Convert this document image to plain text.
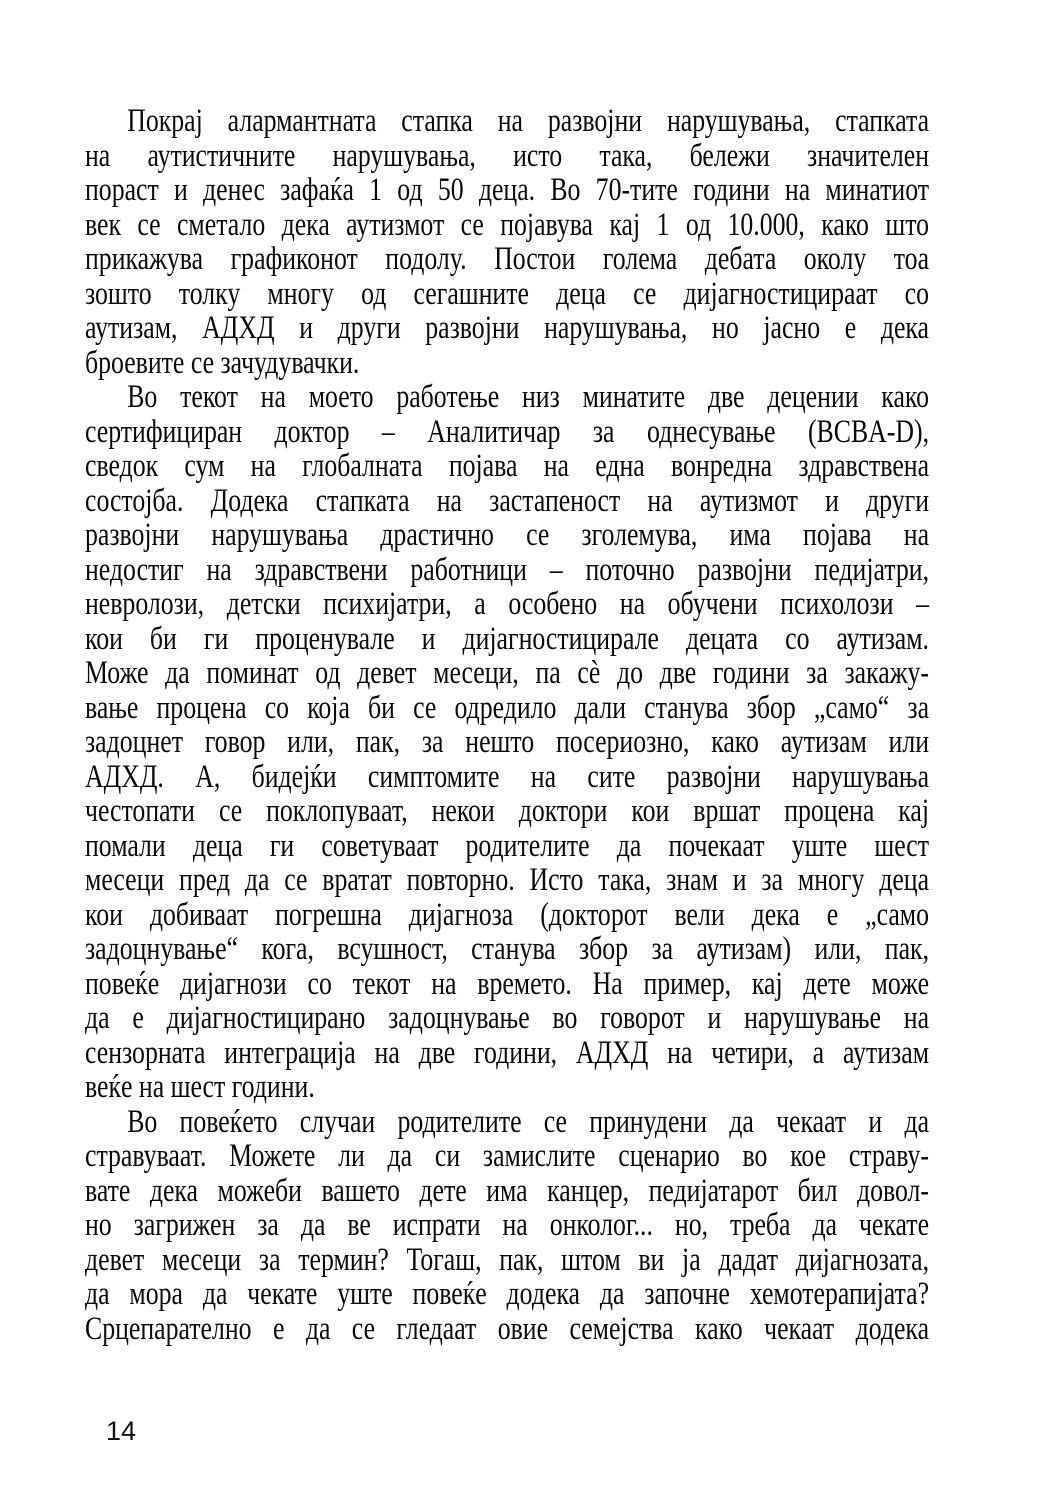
Покрај алармантната стапка на развојни нарушувања, стапката
на аутистичните нарушувања, исто така, бележи значителен
пораст и денес зафаќа 1 од 50 деца. Во 70-тите години на минатиот
век се сметало дека аутизмот се појавува кај 1 од 10.000, како што
прикажува графиконот подолу. Постои голема дебата околу тоа
зошто толку многу од сегашните деца се дијагностицираат со
аутизам, АДХД и други развојни нарушувања, но јасно е дека
броевите се зачудувачки.
Во текот на моето работење низ минатите две децении како
сертифициран доктор – Аналитичар за однесување (BCBA-D),
сведок сум на глобалната појава на една вонредна здравствена
состојба. Додека стапката на застапеност на аутизмот и други
развојни нарушувања драстично се зголемува, има појава на
недостиг на здравствени работници – поточно развојни педијатри,
невролози, детски психијатри, а особено на обучени психолози –
кои би ги проценувале и дијагностицирале децата со аутизам.
Може да поминат од девет месеци, па сè до две години за закажу-
вање процена со која би се одредило дали станува збор „само“ за
задоцнет говор или, пак, за нешто посериозно, како аутизам или
АДХД. А, бидејќи симптомите на сите развојни нарушувања
честопати се поклопуваат, некои доктори кои вршат процена кај
помали деца ги советуваат родителите да почекаат уште шест
месеци пред да се вратат повторно. Исто така, знам и за многу деца
кои добиваат погрешна дијагноза (докторот вели дека е „само
задоцнување“ кога, всушност, станува збор за аутизам) или, пак,
повеќе дијагнози со текот на времето. На пример, кај дете може
да е дијагностицирано задоцнување во говорот и нарушување на
сензорната интеграција на две години, АДХД на четири, а аутизам
веќе на шест години.
Во повеќето случаи родителите се принудени да чекаат и да
стравуваат. Можете ли да си замислите сценарио во кое страву-
вате дека можеби вашето дете има канцер, педијатарот бил довол-
но загрижен за да ве испрати на онколог... но, треба да чекате
девет месеци за термин? Тогаш, пак, штом ви ја дадат дијагнозата,
да мора да чекате уште повеќе додека да започне хемотерапијата?
Срцепарателно е да се гледаат овие семејства како чекаат додека
14
